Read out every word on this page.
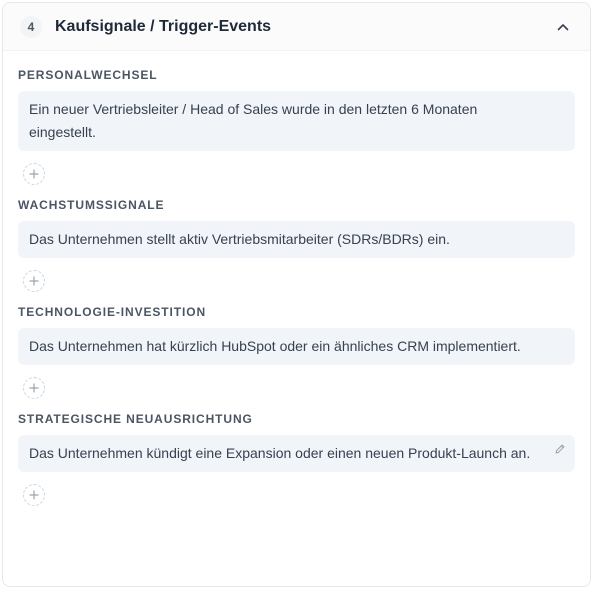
4	Kaufsignale / Trigger-Events
PERSONALWECHSEL
Ein neuer Vertriebsleiter / Head of Sales wurde in den letzten 6 Monaten eingestellt.
WACHSTUMSSIGNALE
Das Unternehmen stellt aktiv Vertriebsmitarbeiter (SDRs/BDRs) ein.
TECHNOLOGIE-INVESTITION
Das Unternehmen hat kürzlich HubSpot oder ein ähnliches CRM implementiert.
STRATEGISCHE NEUAUSRICHTUNG
Das Unternehmen kündigt eine Expansion oder einen neuen Produkt-Launch an.
